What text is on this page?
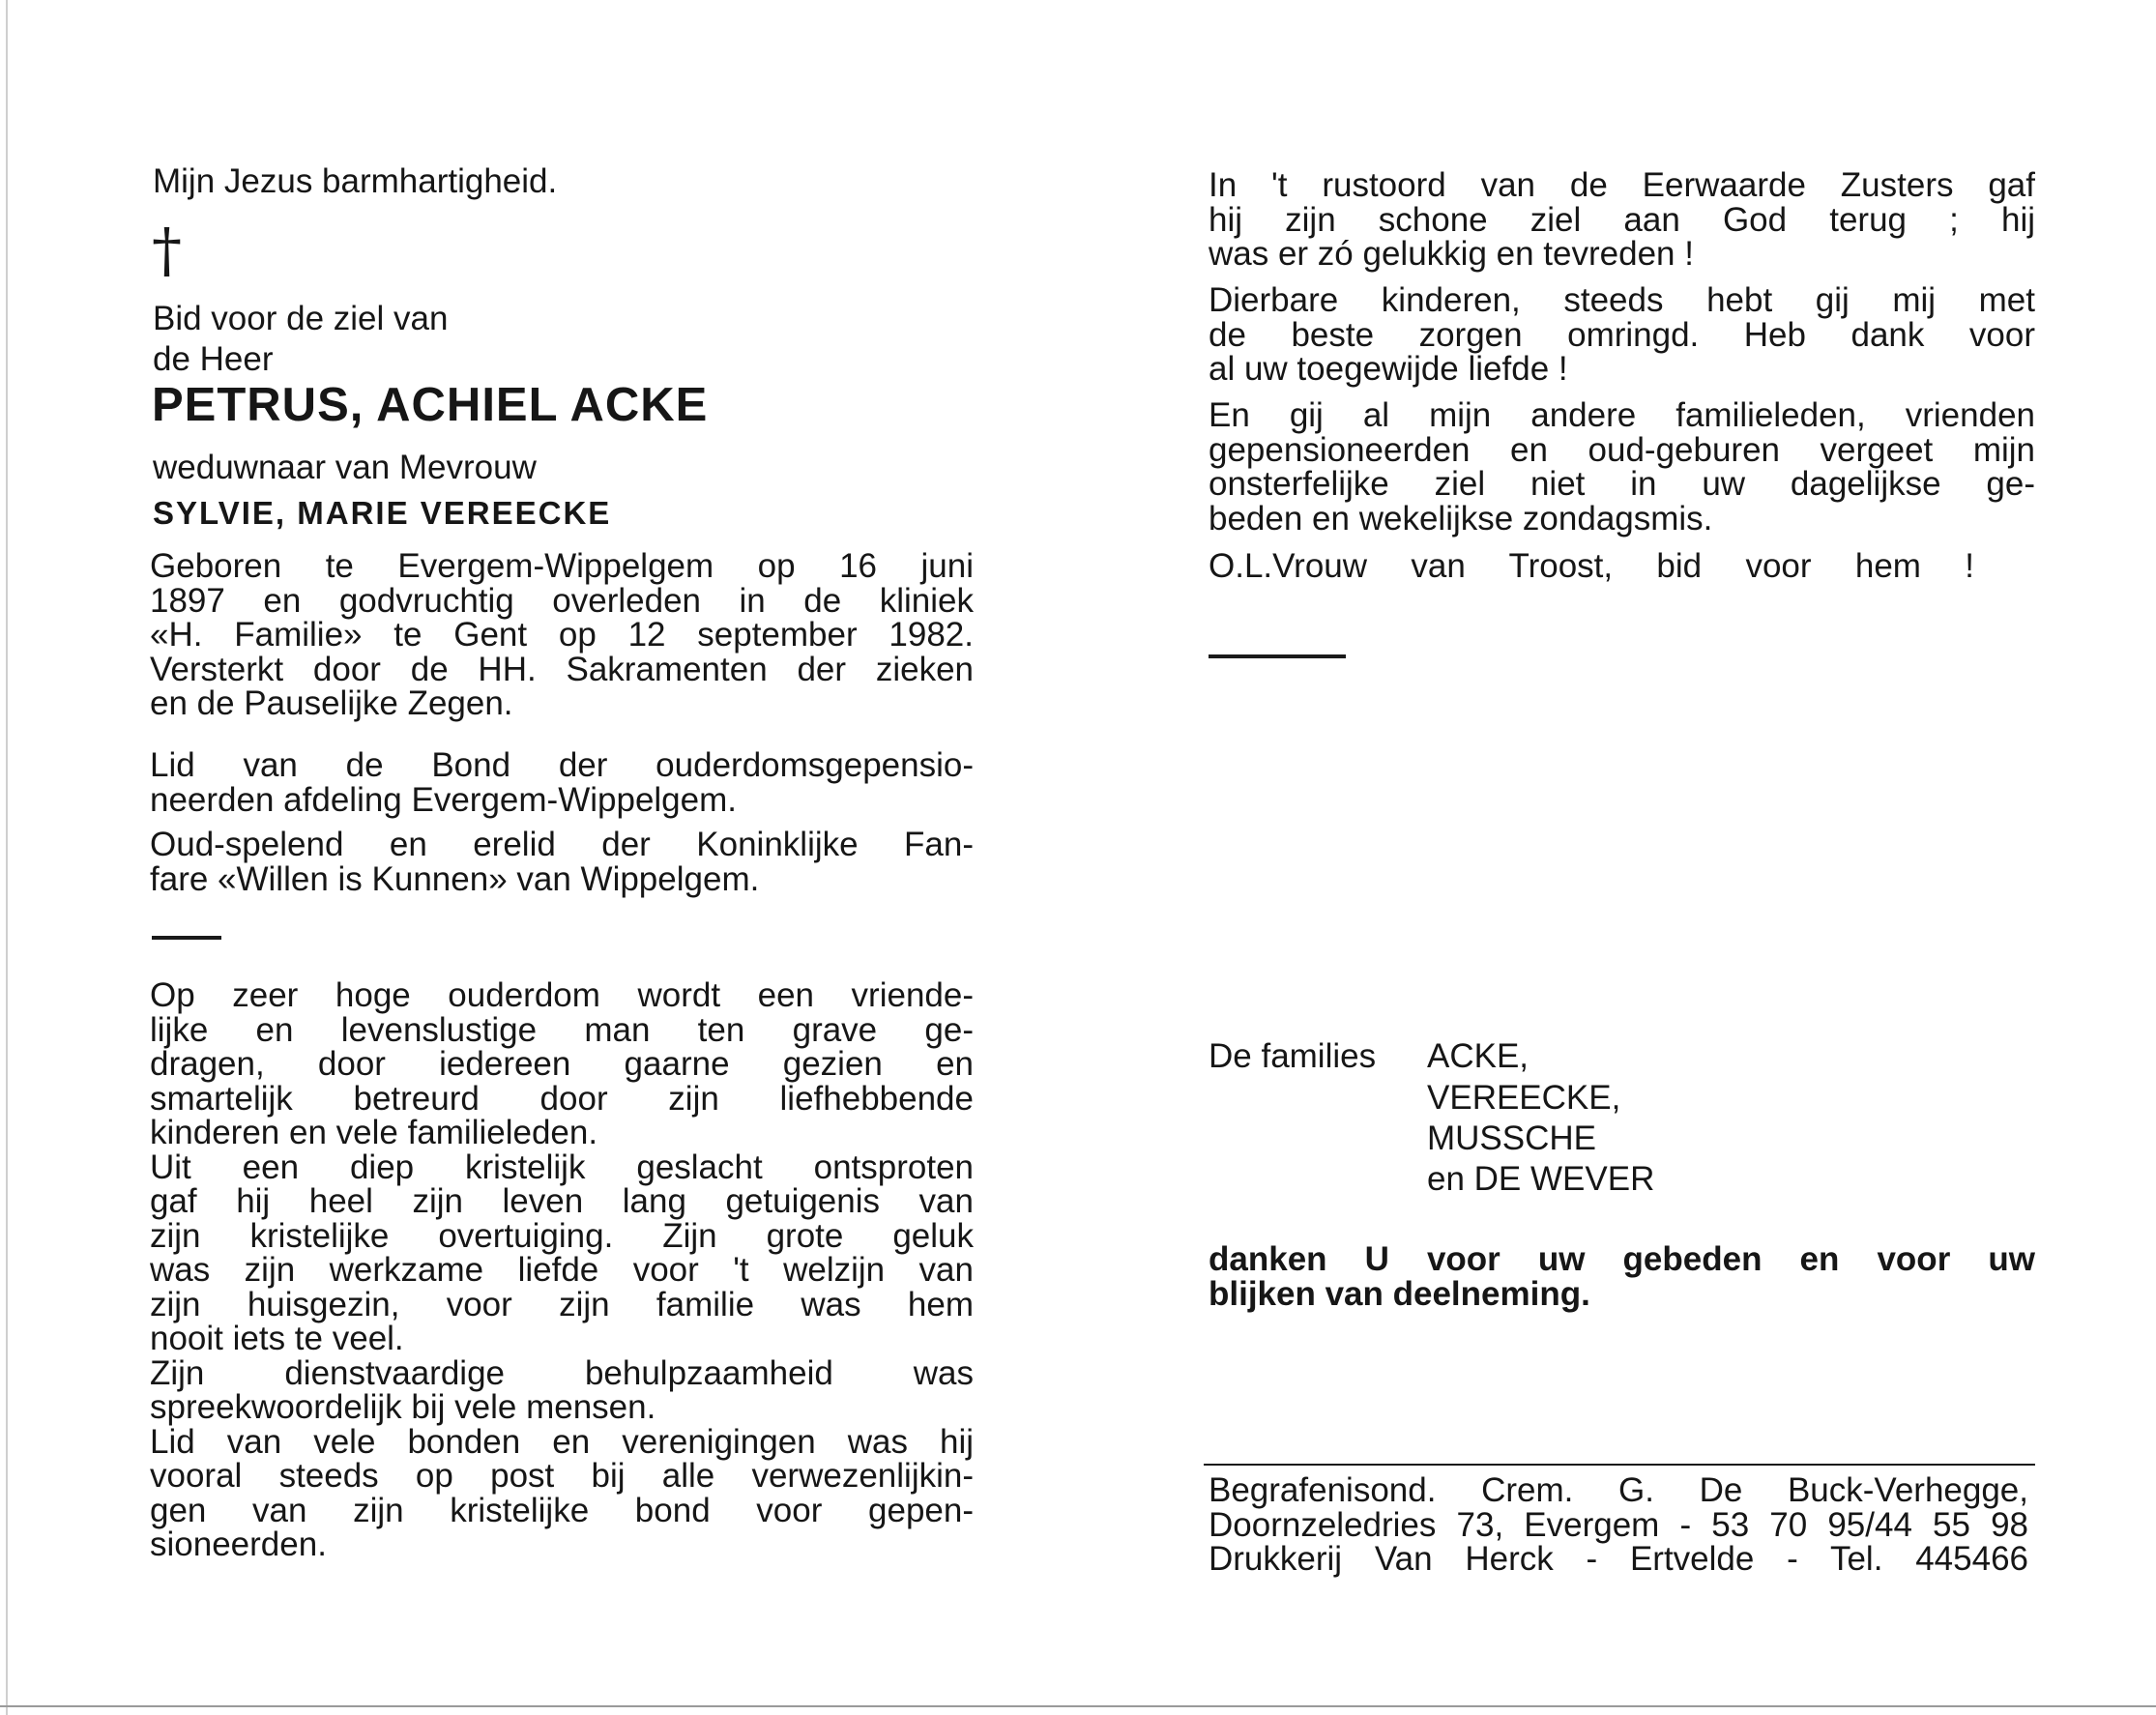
Mijn Jezus barmhartigheid.

†

Bid voor de ziel van

de Heer

PETRUS, ACHIEL ACKE

weduwnaar van Mevrouw

SYLVIE, MARIE VEREECKE

Geboren te Evergem-Wippelgem op 16 juni

1897 en godvruchtig overleden in de kliniek

«H. Familie» te Gent op 12 september 1982.

Versterkt door de HH. Sakramenten der zieken

en de Pauselijke Zegen.

Lid van de Bond der ouderdomsgepensio-

neerden afdeling Evergem-Wippelgem.

Oud-spelend en erelid der Koninklijke Fan-

fare «Willen is Kunnen» van Wippelgem.

Op zeer hoge ouderdom wordt een vriende-

lijke en levenslustige man ten grave ge-

dragen, door iedereen gaarne gezien en

smartelijk betreurd door zijn liefhebbende

kinderen en vele familieleden.

Uit een diep kristelijk geslacht ontsproten

gaf hij heel zijn leven lang getuigenis van

zijn kristelijke overtuiging. Zijn grote geluk

was zijn werkzame liefde voor 't welzijn van

zijn huisgezin, voor zijn familie was hem

nooit iets te veel.

Zijn dienstvaardige behulpzaamheid was

spreekwoordelijk bij vele mensen.

Lid van vele bonden en verenigingen was hij

vooral steeds op post bij alle verwezenlijkin-

gen van zijn kristelijke bond voor gepen-

sioneerden.

In 't rustoord van de Eerwaarde Zusters gaf

hij zijn schone ziel aan God terug ; hij

was er zó gelukkig en tevreden !

Dierbare kinderen, steeds hebt gij mij met

de beste zorgen omringd. Heb dank voor

al uw toegewijde liefde !

En gij al mijn andere familieleden, vrienden

gepensioneerden en oud-geburen vergeet mijn

onsterfelijke ziel niet in uw dagelijkse ge-

beden en wekelijkse zondagsmis.

O.L.Vrouw van Troost, bid voor hem !

De families ACKE,

VEREECKE,

MUSSCHE

en DE WEVER

danken U voor uw gebeden en voor uw

blijken van deelneming.

Begrafenisond. Crem. G. De Buck-Verhegge,

Doornzeledries 73, Evergem - 53 70 95/44 55 98

Drukkerij Van Herck - Ertvelde - Tel. 445466
